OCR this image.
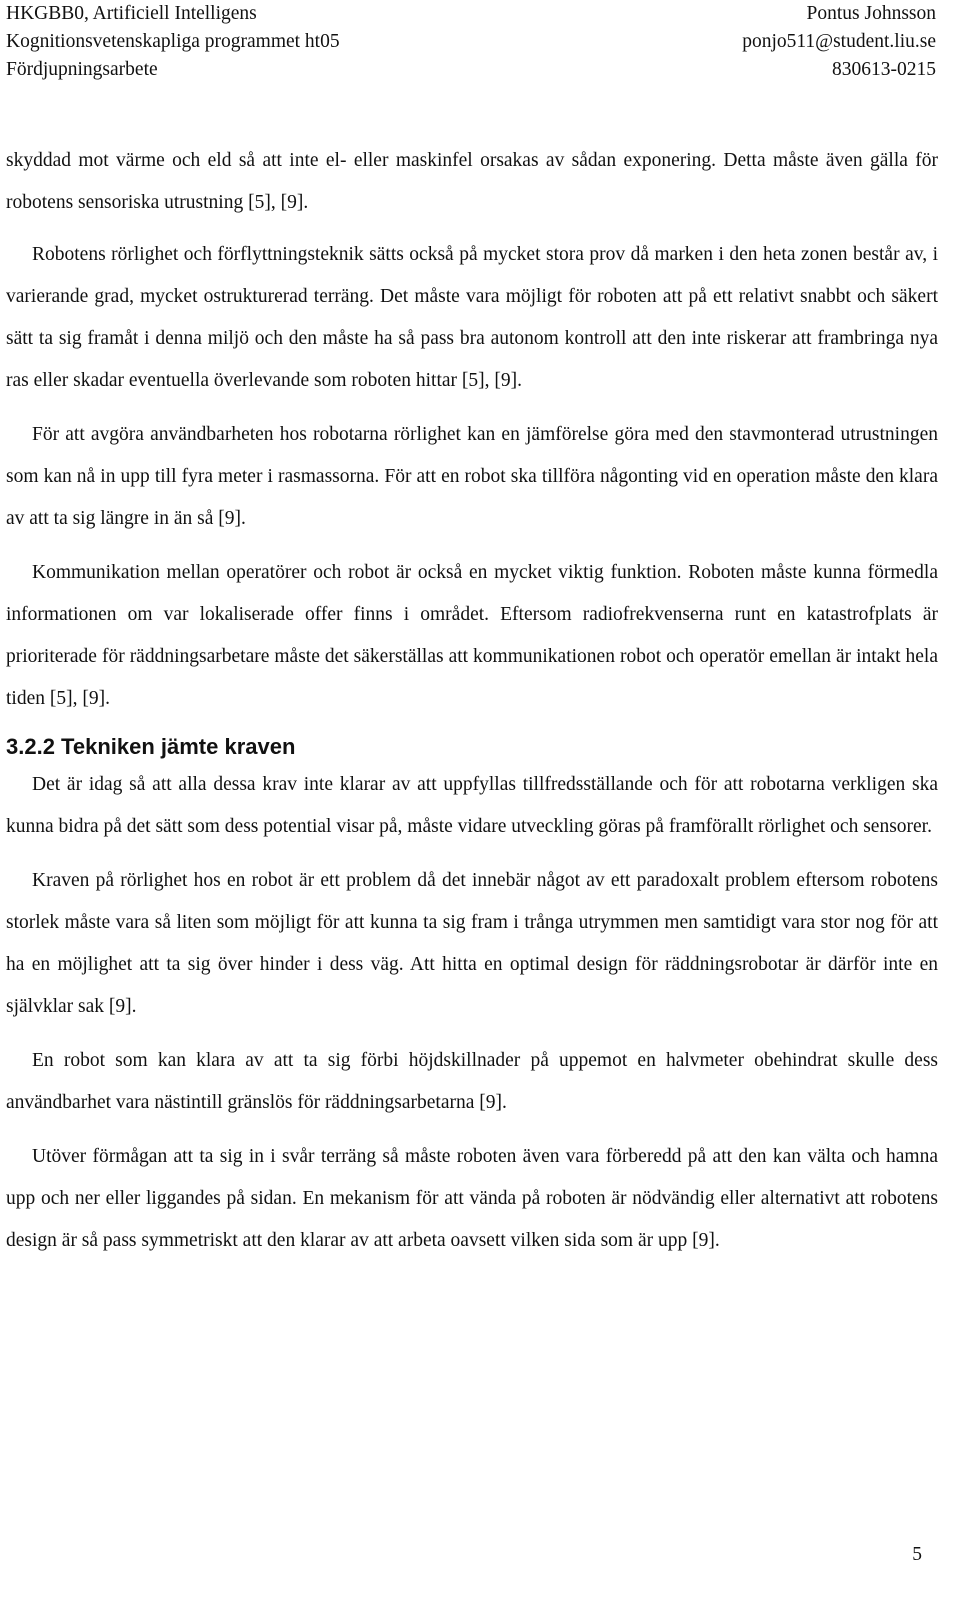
HKGBB0, Artificiell Intelligens
Kognitionsvetenskapliga programmet ht05
Fördjupningsarbete
Pontus Johnsson
ponjo511@student.liu.se
830613-0215

skyddad mot värme och eld så att inte el- eller maskinfel orsakas av sådan exponering. Detta måste även gälla för robotens sensoriska utrustning [5], [9].

Robotens rörlighet och förflyttningsteknik sätts också på mycket stora prov då marken i den heta zonen består av, i varierande grad, mycket ostrukturerad terräng. Det måste vara möjligt för roboten att på ett relativt snabbt och säkert sätt ta sig framåt i denna miljö och den måste ha så pass bra autonom kontroll att den inte riskerar att frambringa nya ras eller skadar eventuella överlevande som roboten hittar [5], [9].

För att avgöra användbarheten hos robotarna rörlighet kan en jämförelse göra med den stavmonterad utrustningen som kan nå in upp till fyra meter i rasmassorna. För att en robot ska tillföra någonting vid en operation måste den klara av att ta sig längre in än så [9].

Kommunikation mellan operatörer och robot är också en mycket viktig funktion. Roboten måste kunna förmedla informationen om var lokaliserade offer finns i området. Eftersom radiofrekvenserna runt en katastrofplats är prioriterade för räddningsarbetare måste det säkerställas att kommunikationen robot och operatör emellan är intakt hela tiden [5], [9].

3.2.2 Tekniken jämte kraven

Det är idag så att alla dessa krav inte klarar av att uppfyllas tillfredsställande och för att robotarna verkligen ska kunna bidra på det sätt som dess potential visar på, måste vidare utveckling göras på framförallt rörlighet och sensorer.

Kraven på rörlighet hos en robot är ett problem då det innebär något av ett paradoxalt problem eftersom robotens storlek måste vara så liten som möjligt för att kunna ta sig fram i trånga utrymmen men samtidigt vara stor nog för att ha en möjlighet att ta sig över hinder i dess väg. Att hitta en optimal design för räddningsrobotar är därför inte en självklar sak [9].

En robot som kan klara av att ta sig förbi höjdskillnader på uppemot en halvmeter obehindrat skulle dess användbarhet vara nästintill gränslös för räddningsarbetarna [9].

Utöver förmågan att ta sig in i svår terräng så måste roboten även vara förberedd på att den kan välta och hamna upp och ner eller liggandes på sidan. En mekanism för att vända på roboten är nödvändig eller alternativt att robotens design är så pass symmetriskt att den klarar av att arbeta oavsett vilken sida som är upp [9].

5
